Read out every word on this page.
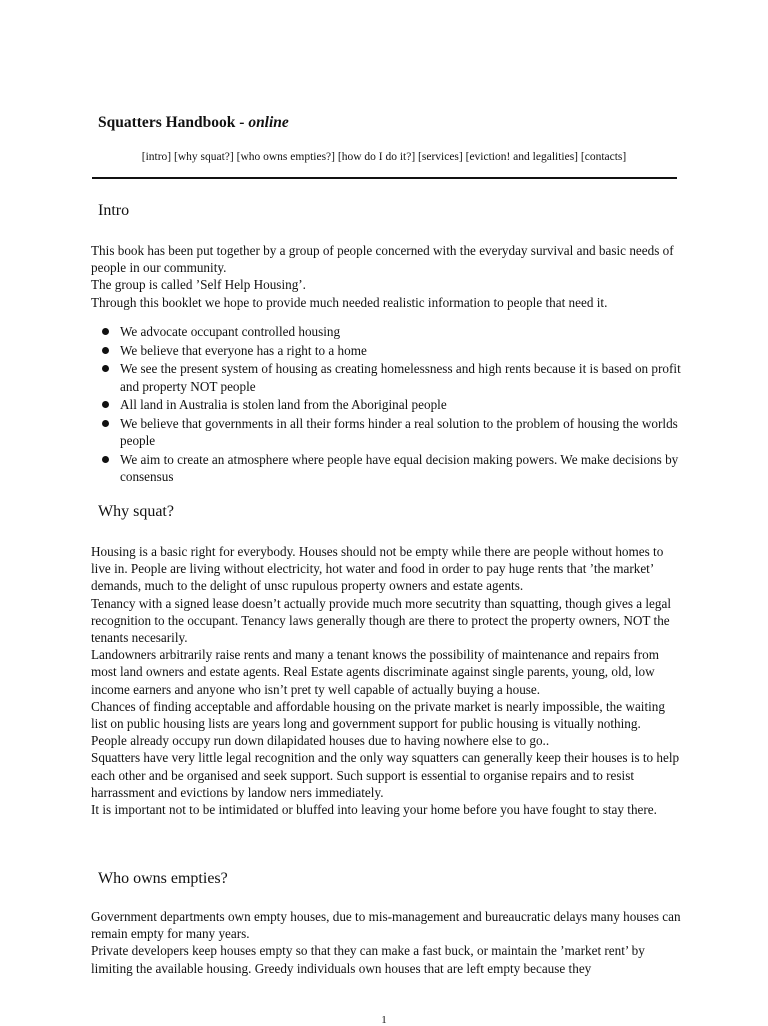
Squatters Handbook - online
[intro] [why squat?] [who owns empties?] [how do I do it?] [services] [eviction! and legalities] [contacts]
Intro

This book has been put together by a group of people concerned with the everyday survival and basic needs of people in our community.

The group is called ’Self Help Housing’.

Through this booklet we hope to provide much needed realistic information to people that need it.

We advocate occupant controlled housing
We believe that everyone has a right to a home
We see the present system of housing as creating homelessness and high rents because it is based on profit and property NOT people
All land in Australia is stolen land from the Aboriginal people
We believe that governments in all their forms hinder a real solution to the problem of housing the worlds people
We aim to create an atmosphere where people have equal decision making powers. We make decisions by consensus
Why squat?

Housing is a basic right for everybody. Houses should not be empty while there are people without homes to live in. People are living without electricity, hot water and food in order to pay huge rents that ’the market’ demands, much to the delight of unsc rupulous property owners and estate agents.

Tenancy with a signed lease doesn’t actually provide much more secutrity than squatting, though gives a legal recognition to the occupant. Tenancy laws generally though are there to protect the property owners, NOT the tenants necesarily.

Landowners arbitrarily raise rents and many a tenant knows the possibility of maintenance and repairs from most land owners and estate agents. Real Estate agents discriminate against single parents, young, old, low income earners and anyone who isn’t pret ty well capable of actually buying a house.

Chances of finding acceptable and affordable housing on the private market is nearly impossible, the waiting list on public housing lists are years long and government support for public housing is vitually nothing.

People already occupy run down dilapidated houses due to having nowhere else to go..

Squatters have very little legal recognition and the only way squatters can generally keep their houses is to help each other and be organised and seek support. Such support is essential to organise repairs and to resist harrassment and evictions by landow ners immediately.

It is important not to be intimidated or bluffed into leaving your home before you have fought to stay there.

Who owns empties?

Government departments own empty houses, due to mis-management and bureaucratic delays many houses can remain empty for many years.

Private developers keep houses empty so that they can make a fast buck, or maintain the ’market rent’ by limiting the available housing. Greedy individuals own houses that are left empty because they

1
